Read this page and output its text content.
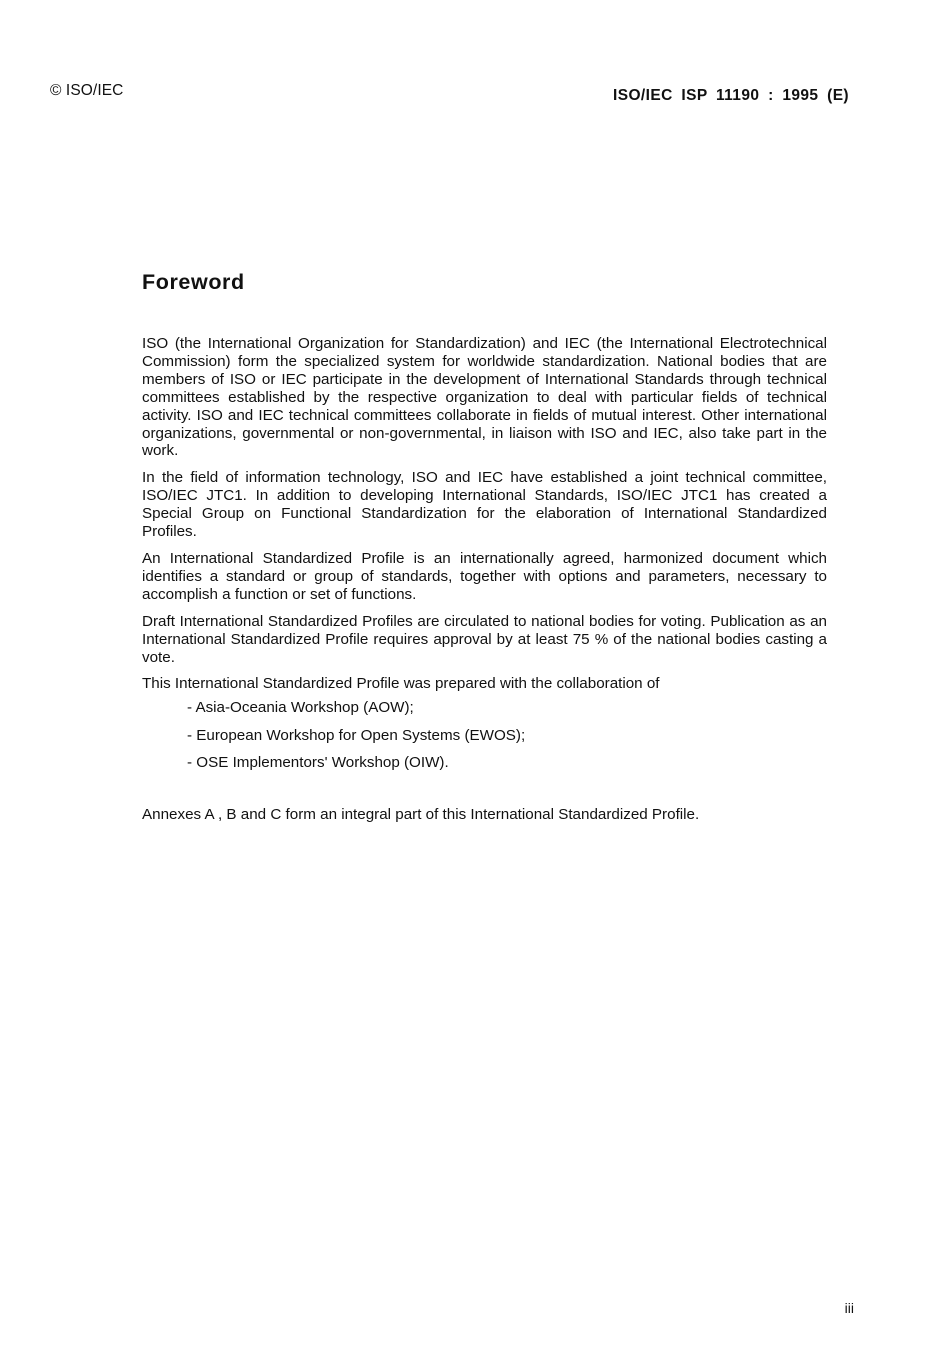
© ISO/IEC	ISO/IEC ISP 11190 : 1995 (E)
Foreword

ISO (the International Organization for Standardization) and IEC (the International Electrotechnical Commission) form the specialized system for worldwide standardization. National bodies that are members of ISO or IEC participate in the development of International Standards through technical committees established by the respective organization to deal with particular fields of technical activity. ISO and IEC technical committees collaborate in fields of mutual interest. Other international organizations, governmental or non-governmental, in liaison with ISO and IEC, also take part in the work.

In the field of information technology, ISO and IEC have established a joint technical committee, ISO/IEC JTC1. In addition to developing International Standards, ISO/IEC JTC1 has created a Special Group on Functional Standardization for the elaboration of International Standardized Profiles.

An International Standardized Profile is an internationally agreed, harmonized document which identifies a standard or group of standards, together with options and parameters, necessary to accomplish a function or set of functions.

Draft International Standardized Profiles are circulated to national bodies for voting. Publication as an International Standardized Profile requires approval by at least 75 % of the national bodies casting a vote.

This International Standardized Profile was prepared with the collaboration of

- Asia-Oceania Workshop (AOW);
- European Workshop for Open Systems (EWOS);
- OSE Implementors' Workshop (OIW).

Annexes A , B and C form an integral part of this International Standardized Profile.

iii
